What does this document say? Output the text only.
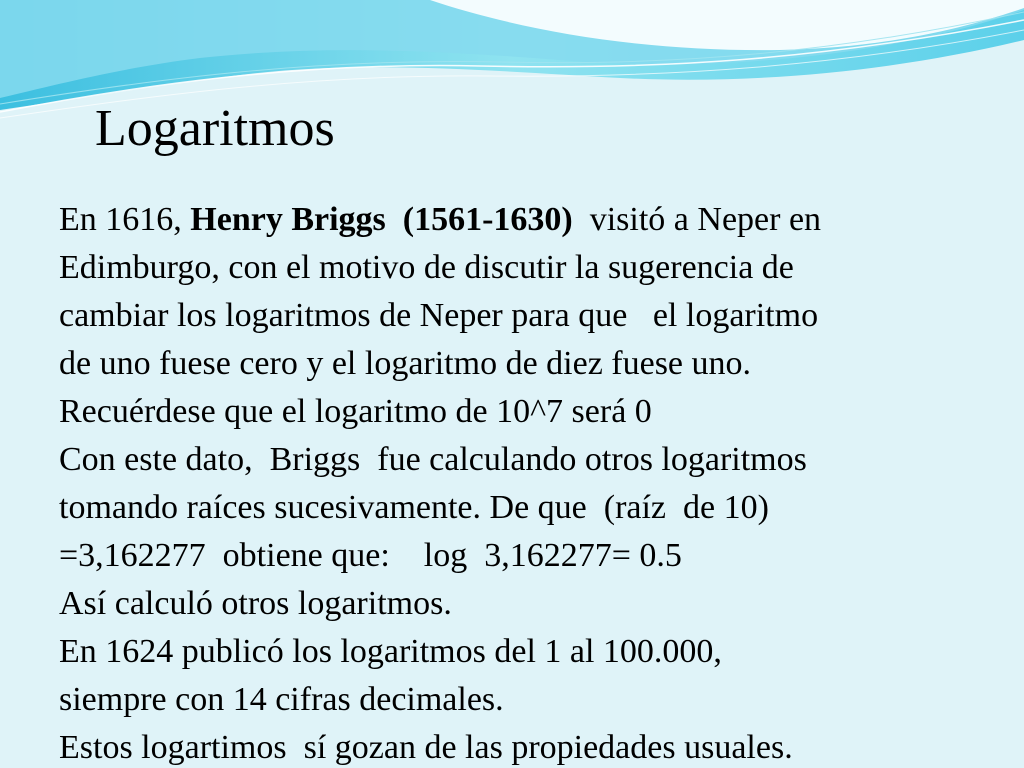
Logaritmos
En 1616, Henry Briggs (1561-1630)  visitó a Neper en
Edimburgo, con el motivo de discutir la sugerencia de
cambiar los logaritmos de Neper para que   el logaritmo
de uno fuese cero y el logaritmo de diez fuese uno.
Recuérdese que el logaritmo de 10^7 será 0
Con este dato,  Briggs  fue calculando otros logaritmos
tomando raíces sucesivamente. De que  (raíz  de 10)
=3,162277  obtiene que:    log  3,162277= 0.5
Así calculó otros logaritmos.
En 1624 publicó los logaritmos del 1 al 100.000,
siempre con 14 cifras decimales.
Estos logartimos  sí gozan de las propiedades usuales.
